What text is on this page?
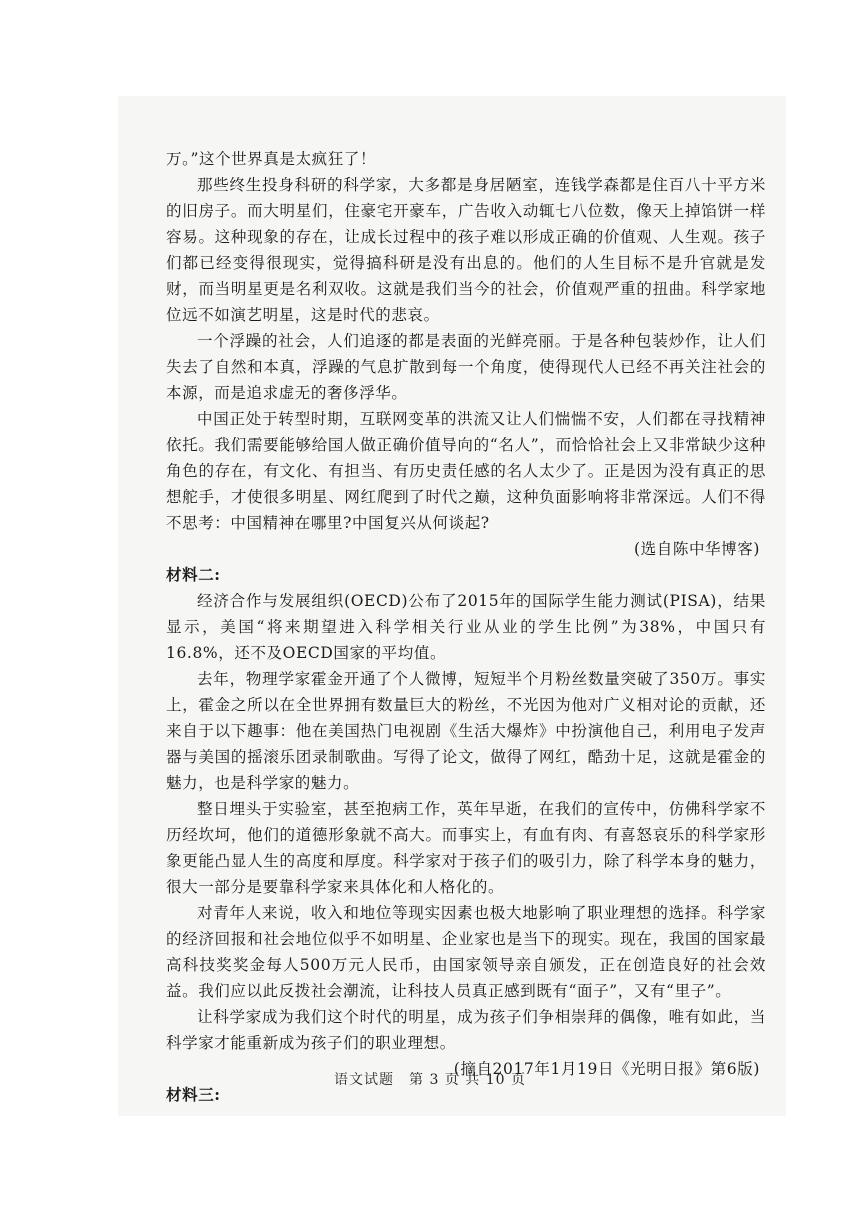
万。”这个世界真是太疯狂了！

那些终生投身科研的科学家，大多都是身居陋室，连钱学森都是住百八十平方米的旧房子。而大明星们，住豪宅开豪车，广告收入动辄七八位数，像天上掉馅饼一样容易。这种现象的存在，让成长过程中的孩子难以形成正确的价值观、人生观。孩子们都已经变得很现实，觉得搞科研是没有出息的。他们的人生目标不是升官就是发财，而当明星更是名利双收。这就是我们当今的社会，价值观严重的扭曲。科学家地位远不如演艺明星，这是时代的悲哀。

一个浮躁的社会，人们追逐的都是表面的光鲜亮丽。于是各种包装炒作，让人们失去了自然和本真，浮躁的气息扩散到每一个角度，使得现代人已经不再关注社会的本源，而是追求虚无的奢侈浮华。

中国正处于转型时期，互联网变革的洪流又让人们惴惴不安，人们都在寻找精神依托。我们需要能够给国人做正确价值导向的“名人”，而恰恰社会上又非常缺少这种角色的存在，有文化、有担当、有历史责任感的名人太少了。正是因为没有真正的思想舵手，才使很多明星、网红爬到了时代之巅，这种负面影响将非常深远。人们不得不思考：中国精神在哪里?中国复兴从何谈起?

(选自陈中华博客)

材料二:

经济合作与发展组织(OECD)公布了2015年的国际学生能力测试(PISA)，结果显示，美国“将来期望进入科学相关行业从业的学生比例”为38%，中国只有16.8%，还不及OECD国家的平均值。

去年，物理学家霍金开通了个人微博，短短半个月粉丝数量突破了350万。事实上，霍金之所以在全世界拥有数量巨大的粉丝，不光因为他对广义相对论的贡献，还来自于以下趣事：他在美国热门电视剧《生活大爆炸》中扮演他自己，利用电子发声器与美国的摇滚乐团录制歌曲。写得了论文，做得了网红，酷劲十足，这就是霍金的魅力，也是科学家的魅力。

整日埋头于实验室，甚至抱病工作，英年早逝，在我们的宣传中，仿佛科学家不历经坎坷，他们的道德形象就不高大。而事实上，有血有肉、有喜怒哀乐的科学家形象更能凸显人生的高度和厚度。科学家对于孩子们的吸引力，除了科学本身的魅力，很大一部分是要靠科学家来具体化和人格化的。

对青年人来说，收入和地位等现实因素也极大地影响了职业理想的选择。科学家的经济回报和社会地位似乎不如明星、企业家也是当下的现实。现在，我国的国家最高科技奖奖金每人500万元人民币，由国家领导亲自颁发，正在创造良好的社会效益。我们应以此反拨社会潮流，让科技人员真正感到既有“面子”，又有“里子”。

让科学家成为我们这个时代的明星，成为孩子们争相崇拜的偶像，唯有如此，当科学家才能重新成为孩子们的职业理想。

(摘自2017年1月19日《光明日报》第6版)

材料三:

语文试题　第 3 页 共 10 页
